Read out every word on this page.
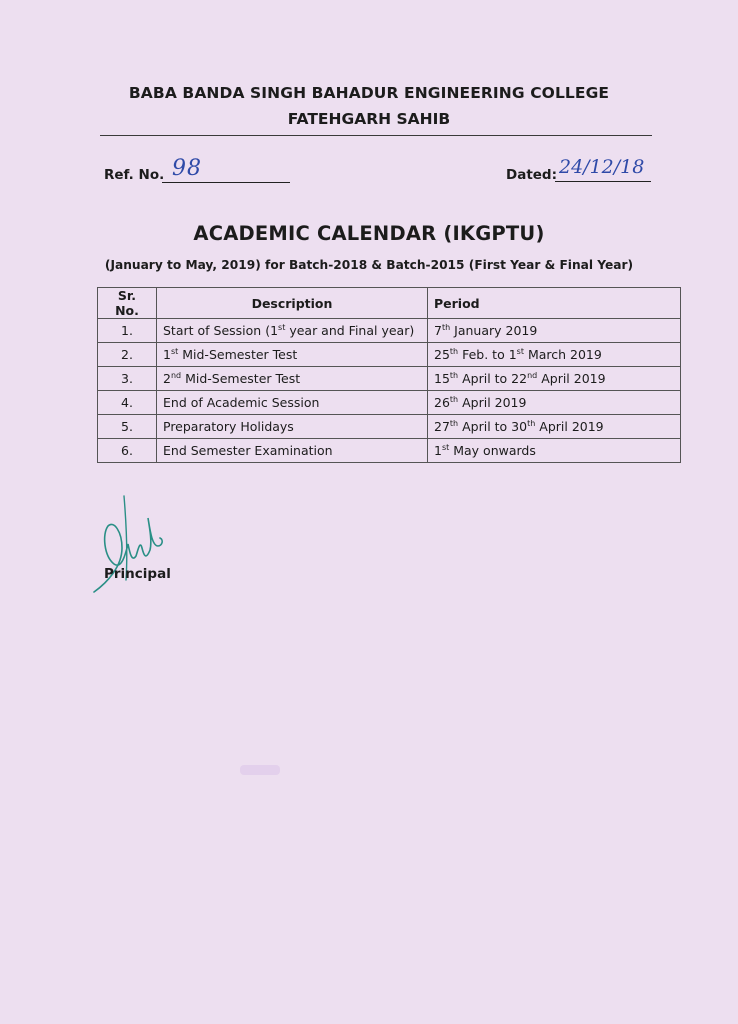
BABA BANDA SINGH BAHADUR ENGINEERING COLLEGE
FATEHGARH SAHIB
Ref. No. 98	Dated: 24/12/18
ACADEMIC CALENDAR (IKGPTU)
(January to May, 2019) for Batch-2018 & Batch-2015 (First Year & Final Year)
Sr. No.	Description	Period
1.	Start of Session (1st year and Final year)	7th January 2019
2.	1st Mid-Semester Test	25th Feb. to 1st March 2019
3.	2nd Mid-Semester Test	15th April to 22nd April 2019
4.	End of Academic Session	26th April 2019
5.	Preparatory Holidays	27th April to 30th April 2019
6.	End Semester Examination	1st May onwards
Principal
